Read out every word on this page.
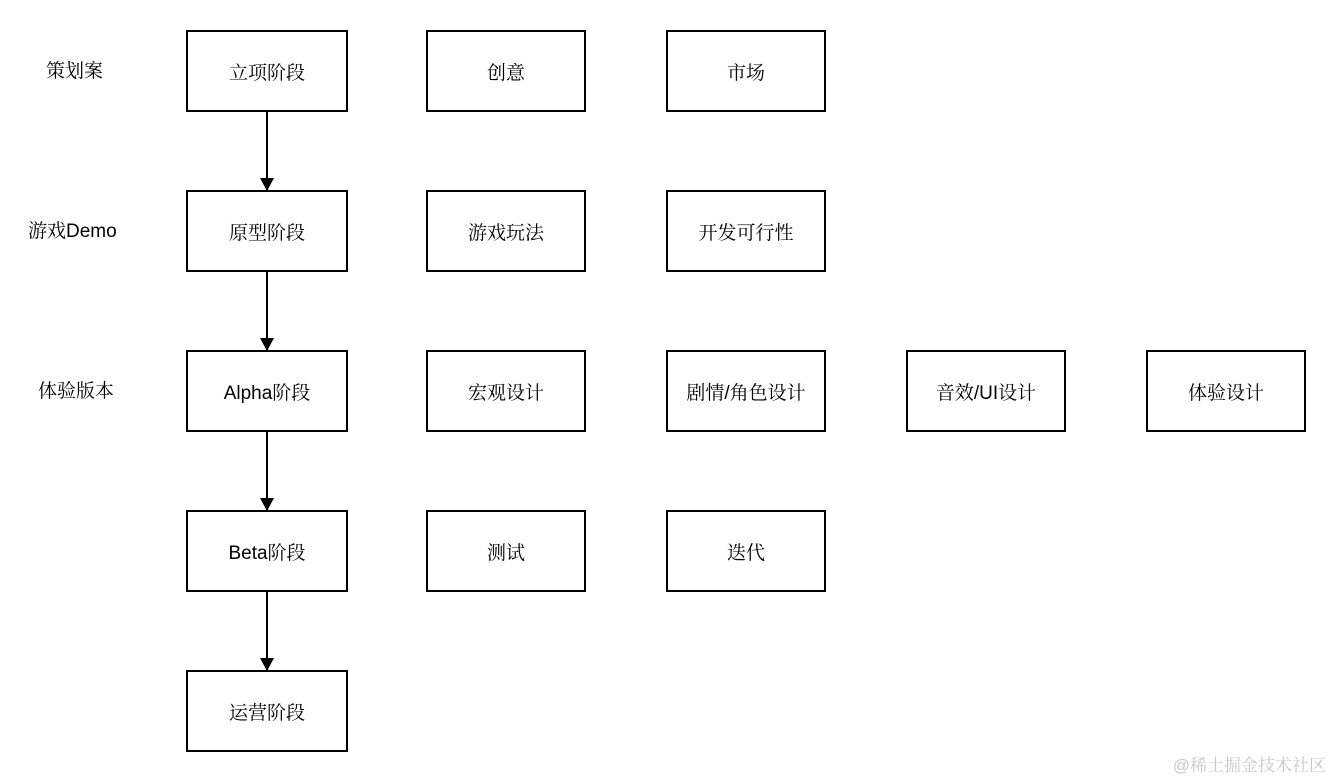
策划案
游戏Demo
体验版本
立项阶段
原型阶段
Alpha阶段
Beta阶段
运营阶段
创意	市场
游戏玩法	开发可行性
宏观设计	剧情/角色设计	音效/UI设计	体验设计
测试	迭代
@稀土掘金技术社区
